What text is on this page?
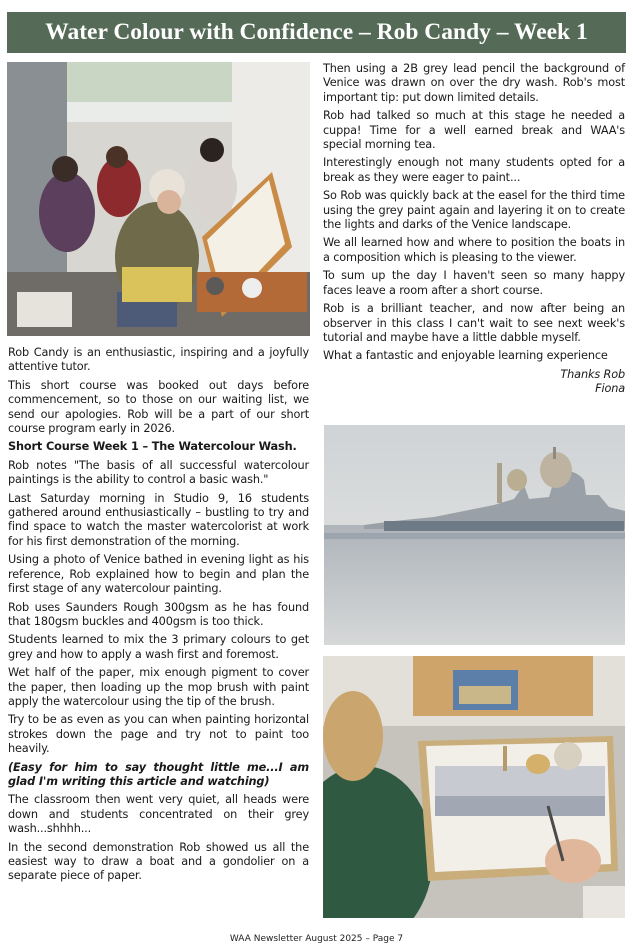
Water Colour with Confidence – Rob Candy – Week 1

Rob Candy is an enthusiastic, inspiring and a joyfully attentive tutor.

This short course was booked out days before commencement, so to those on our waiting list, we send our apologies. Rob will be a part of our short course program early in 2026.

Short Course Week 1 – The Watercolour Wash.

Rob notes "The basis of all successful watercolour paintings is the ability to control a basic wash."

Last Saturday morning in Studio 9, 16 students gathered around enthusiastically – bustling to try and find space to watch the master watercolorist at work for his first demonstration of the morning.

Using a photo of Venice bathed in evening light as his reference, Rob explained how to begin and plan the first stage of any watercolour painting.

Rob uses Saunders Rough 300gsm as he has found that 180gsm buckles and 400gsm is too thick.

Students learned to mix the 3 primary colours to get grey and how to apply a wash first and foremost.

Wet half of the paper, mix enough pigment to cover the paper, then loading up the mop brush with paint apply the watercolour using the tip of the brush.

Try to be as even as you can when painting horizontal strokes down the page and try not to paint too heavily.

(Easy for him to say thought little me...I am glad I'm writing this article and watching)

The classroom then went very quiet, all heads were down and students concentrated on their grey wash...shhhh...

In the second demonstration Rob showed us all the easiest way to draw a boat and a gondolier on a separate piece of paper.

Then using a 2B grey lead pencil the background of Venice was drawn on over the dry wash. Rob's most important tip: put down limited details.

Rob had talked so much at this stage he needed a cuppa! Time for a well earned break and WAA's special morning tea.

Interestingly enough not many students opted for a break as they were eager to paint...

So Rob was quickly back at the easel for the third time using the grey paint again and layering it on to create the lights and darks of the Venice landscape.

We all learned how and where to position the boats in a composition which is pleasing to the viewer.

To sum up the day I haven't seen so many happy faces leave a room after a short course.

Rob is a brilliant teacher, and now after being an observer in this class I can't wait to see next week's tutorial and maybe have a little dabble myself.

What a fantastic and enjoyable learning experience

Thanks Rob

Fiona

WAA Newsletter August 2025 – Page 7
